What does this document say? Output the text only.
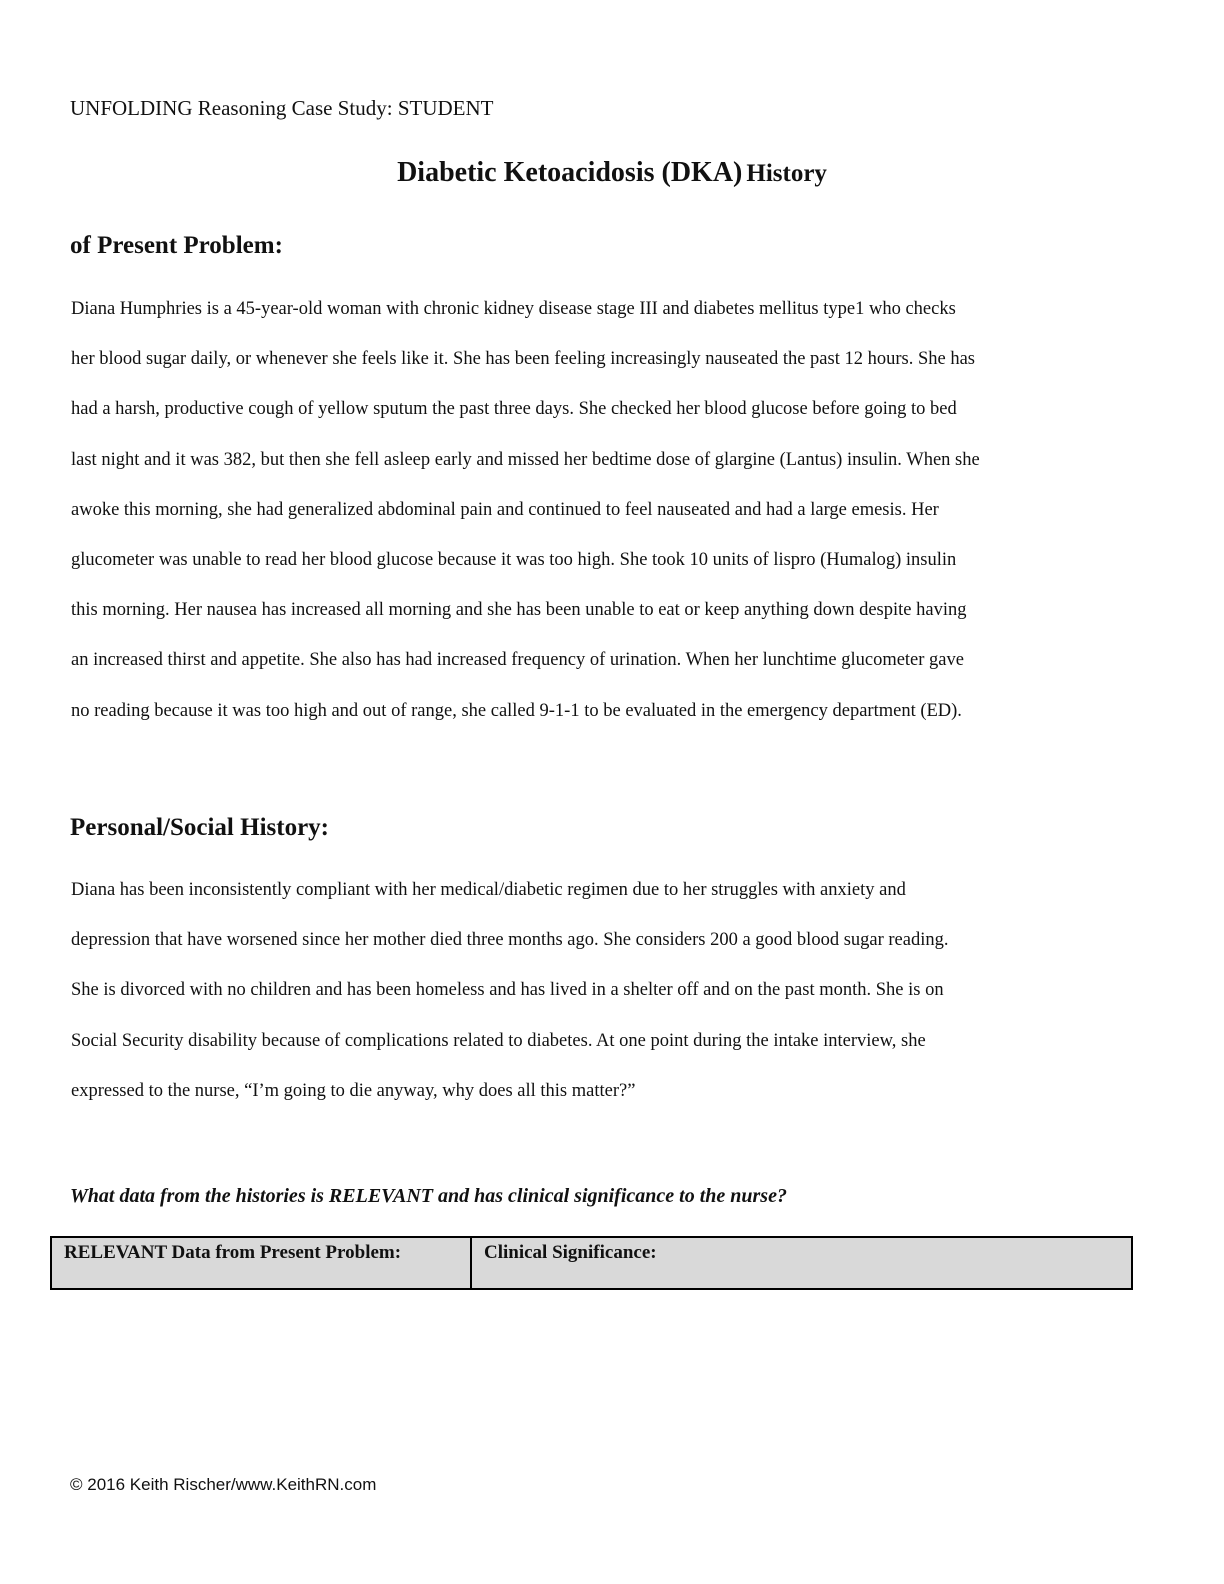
UNFOLDING Reasoning Case Study: STUDENT
Diabetic Ketoacidosis (DKA) History
of Present Problem:
Diana Humphries is a 45-year-old woman with chronic kidney disease stage III and diabetes mellitus type1 who checks
her blood sugar daily, or whenever she feels like it. She has been feeling increasingly nauseated the past 12 hours. She has
had a harsh, productive cough of yellow sputum the past three days. She checked her blood glucose before going to bed
last night and it was 382, but then she fell asleep early and missed her bedtime dose of glargine (Lantus) insulin. When she
awoke this morning, she had generalized abdominal pain and continued to feel nauseated and had a large emesis. Her
glucometer was unable to read her blood glucose because it was too high. She took 10 units of lispro (Humalog) insulin
this morning. Her nausea has increased all morning and she has been unable to eat or keep anything down despite having
an increased thirst and appetite. She also has had increased frequency of urination. When her lunchtime glucometer gave
no reading because it was too high and out of range, she called 9-1-1 to be evaluated in the emergency department (ED).
Personal/Social History:
Diana has been inconsistently compliant with her medical/diabetic regimen due to her struggles with anxiety and
depression that have worsened since her mother died three months ago. She considers 200 a good blood sugar reading.
She is divorced with no children and has been homeless and has lived in a shelter off and on the past month. She is on
Social Security disability because of complications related to diabetes. At one point during the intake interview, she
expressed to the nurse, “I’m going to die anyway, why does all this matter?”
What data from the histories is RELEVANT and has clinical significance to the nurse?
RELEVANT Data from Present Problem:	Clinical Significance:
© 2016 Keith Rischer/www.KeithRN.com
